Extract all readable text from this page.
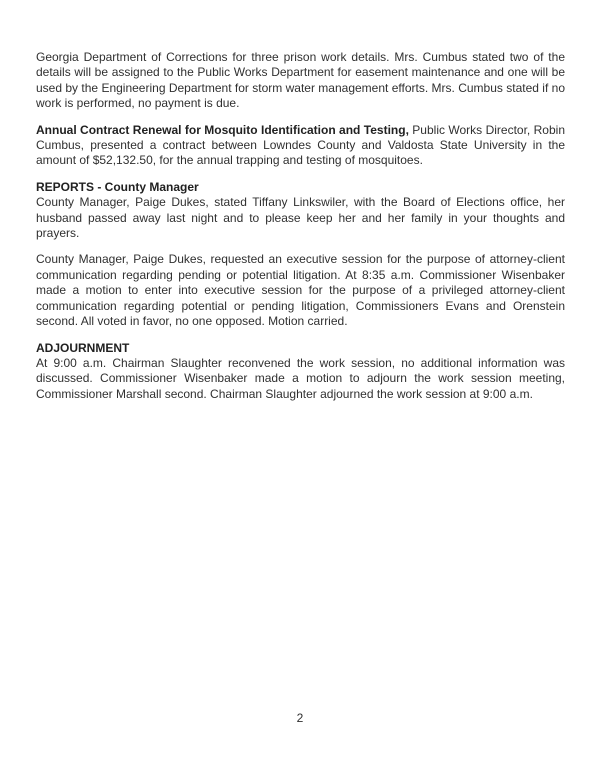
Georgia Department of Corrections for three prison work details. Mrs. Cumbus stated two of the details will be assigned to the Public Works Department for easement maintenance and one will be used by the Engineering Department for storm water management efforts. Mrs. Cumbus stated if no work is performed, no payment is due.

Annual Contract Renewal for Mosquito Identification and Testing, Public Works Director, Robin Cumbus, presented a contract between Lowndes County and Valdosta State University in the amount of $52,132.50, for the annual trapping and testing of mosquitoes.

REPORTS - County Manager

County Manager, Paige Dukes, stated Tiffany Linkswiler, with the Board of Elections office, her husband passed away last night and to please keep her and her family in your thoughts and prayers.

County Manager, Paige Dukes, requested an executive session for the purpose of attorney-client communication regarding pending or potential litigation. At 8:35 a.m. Commissioner Wisenbaker made a motion to enter into executive session for the purpose of a privileged attorney-client communication regarding potential or pending litigation, Commissioners Evans and Orenstein second. All voted in favor, no one opposed. Motion carried.

ADJOURNMENT

At 9:00 a.m. Chairman Slaughter reconvened the work session, no additional information was discussed. Commissioner Wisenbaker made a motion to adjourn the work session meeting, Commissioner Marshall second. Chairman Slaughter adjourned the work session at 9:00 a.m.

2
